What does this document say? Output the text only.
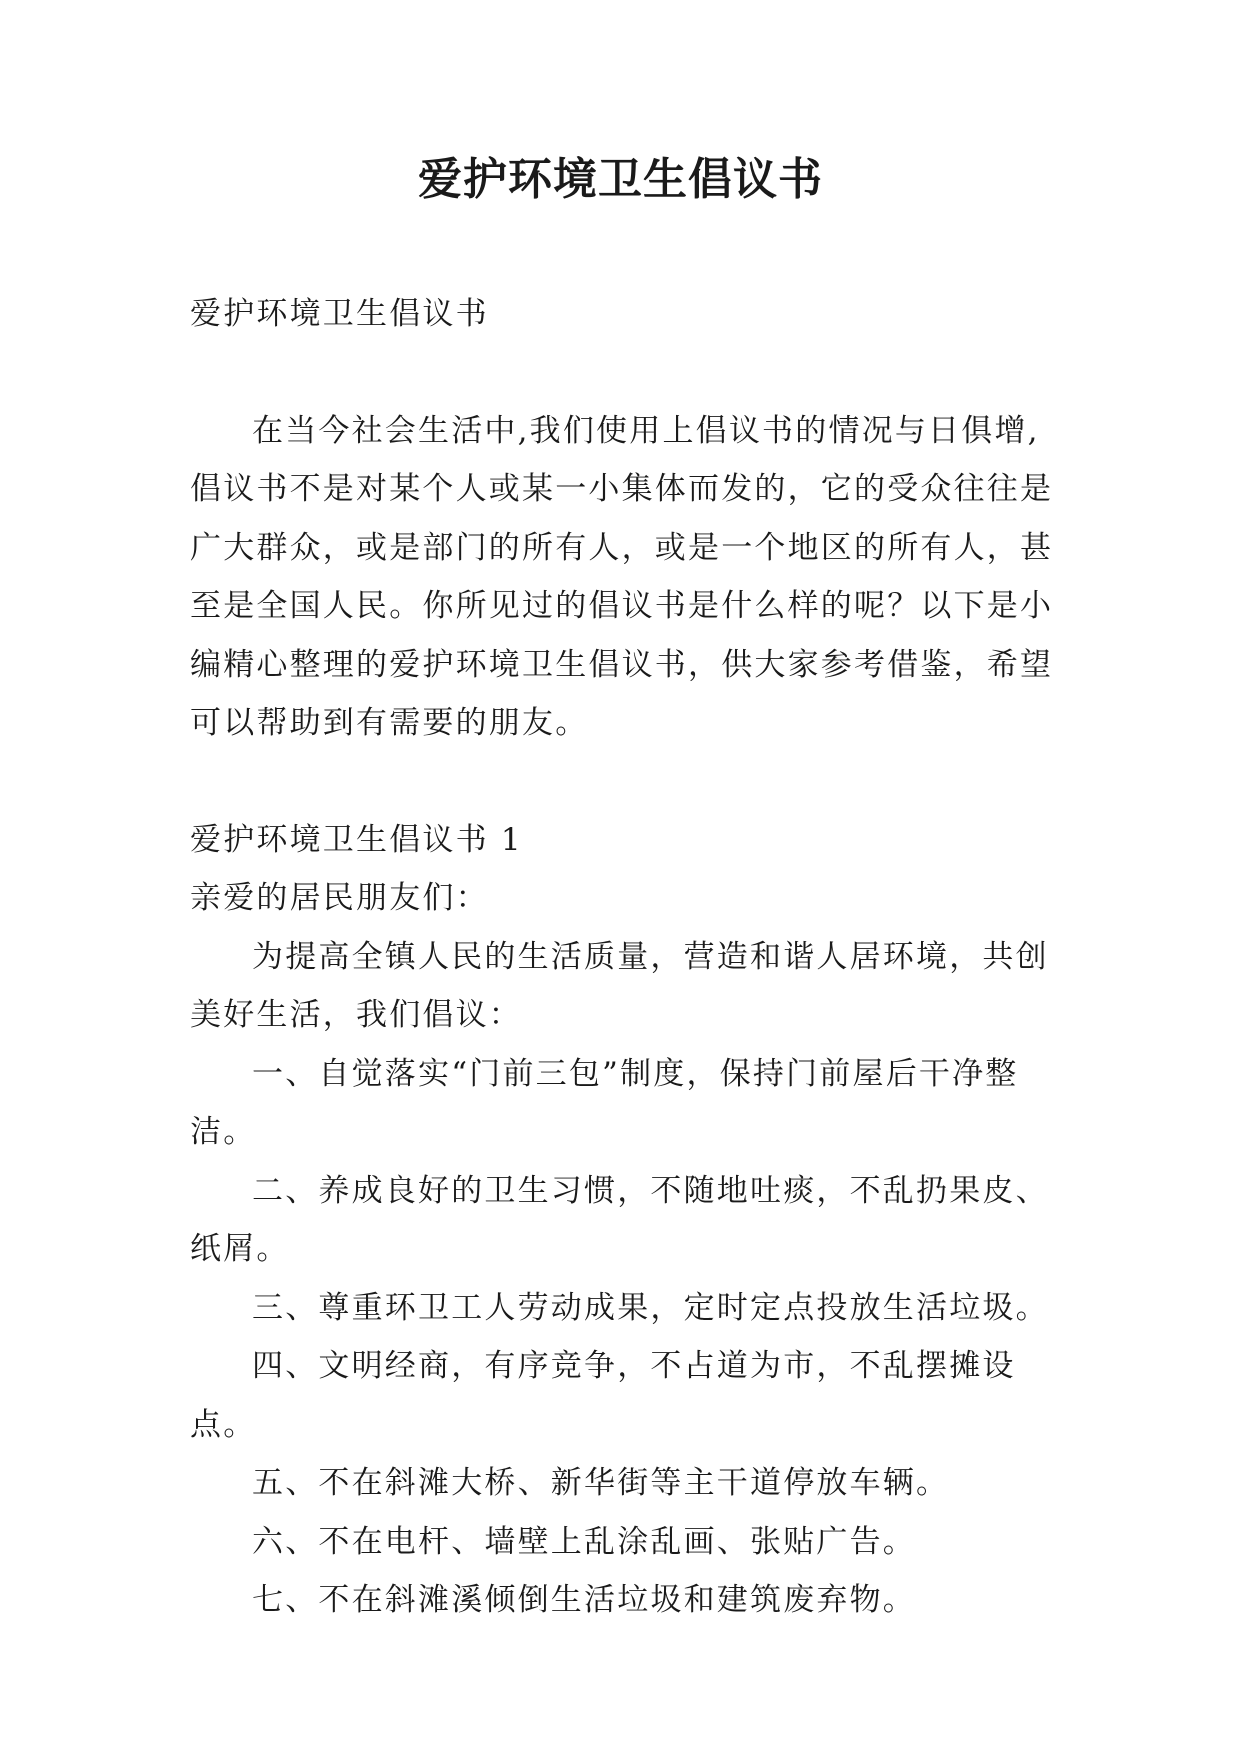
爱护环境卫生倡议书

爱护环境卫生倡议书

在当今社会生活中,我们使用上倡议书的情况与日俱增,倡议书不是对某个人或某一小集体而发的，它的受众往往是广大群众，或是部门的所有人，或是一个地区的所有人，甚至是全国人民。你所见过的倡议书是什么样的呢？以下是小编精心整理的爱护环境卫生倡议书，供大家参考借鉴，希望可以帮助到有需要的朋友。

爱护环境卫生倡议书 1

亲爱的居民朋友们：

为提高全镇人民的生活质量，营造和谐人居环境，共创美好生活，我们倡议：

一、自觉落实“门前三包”制度，保持门前屋后干净整洁。

二、养成良好的卫生习惯，不随地吐痰，不乱扔果皮、纸屑。

三、尊重环卫工人劳动成果，定时定点投放生活垃圾。

四、文明经商，有序竞争，不占道为市，不乱摆摊设点。

五、不在斜滩大桥、新华街等主干道停放车辆。

六、不在电杆、墙壁上乱涂乱画、张贴广告。

七、不在斜滩溪倾倒生活垃圾和建筑废弃物。
